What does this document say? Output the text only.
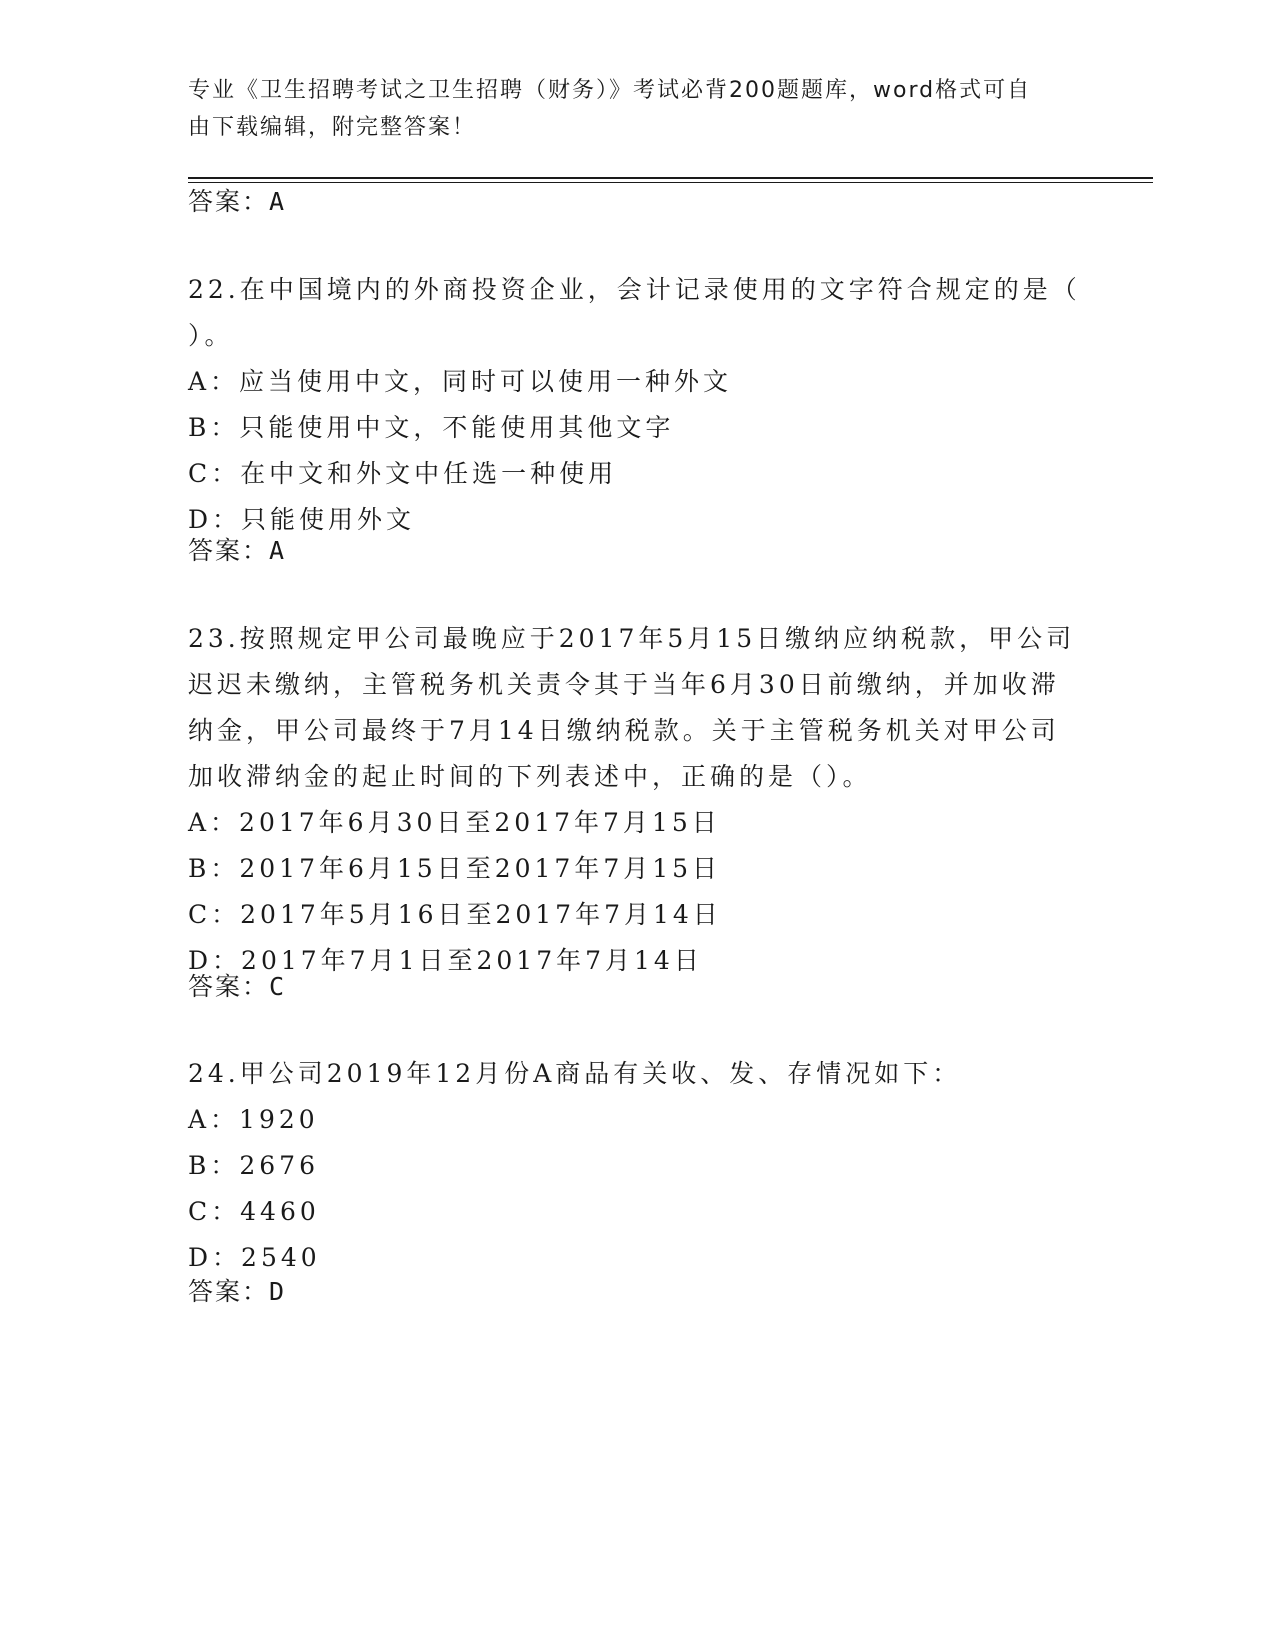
专业《卫生招聘考试之卫生招聘（财务）》考试必背200题题库，word格式可自
由下载编辑，附完整答案！
答案：A
22.在中国境内的外商投资企业，会计记录使用的文字符合规定的是（
）。
A：应当使用中文，同时可以使用一种外文
B：只能使用中文，不能使用其他文字
C：在中文和外文中任选一种使用
D：只能使用外文
答案：A
23.按照规定甲公司最晚应于2017年5月15日缴纳应纳税款，甲公司
迟迟未缴纳，主管税务机关责令其于当年6月30日前缴纳，并加收滞
纳金，甲公司最终于7月14日缴纳税款。关于主管税务机关对甲公司
加收滞纳金的起止时间的下列表述中，正确的是（）。
A：2017年6月30日至2017年7月15日
B：2017年6月15日至2017年7月15日
C：2017年5月16日至2017年7月14日
D：2017年7月1日至2017年7月14日
答案：C
24.甲公司2019年12月份A商品有关收、发、存情况如下：
A：1920
B：2676
C：4460
D：2540
答案：D
